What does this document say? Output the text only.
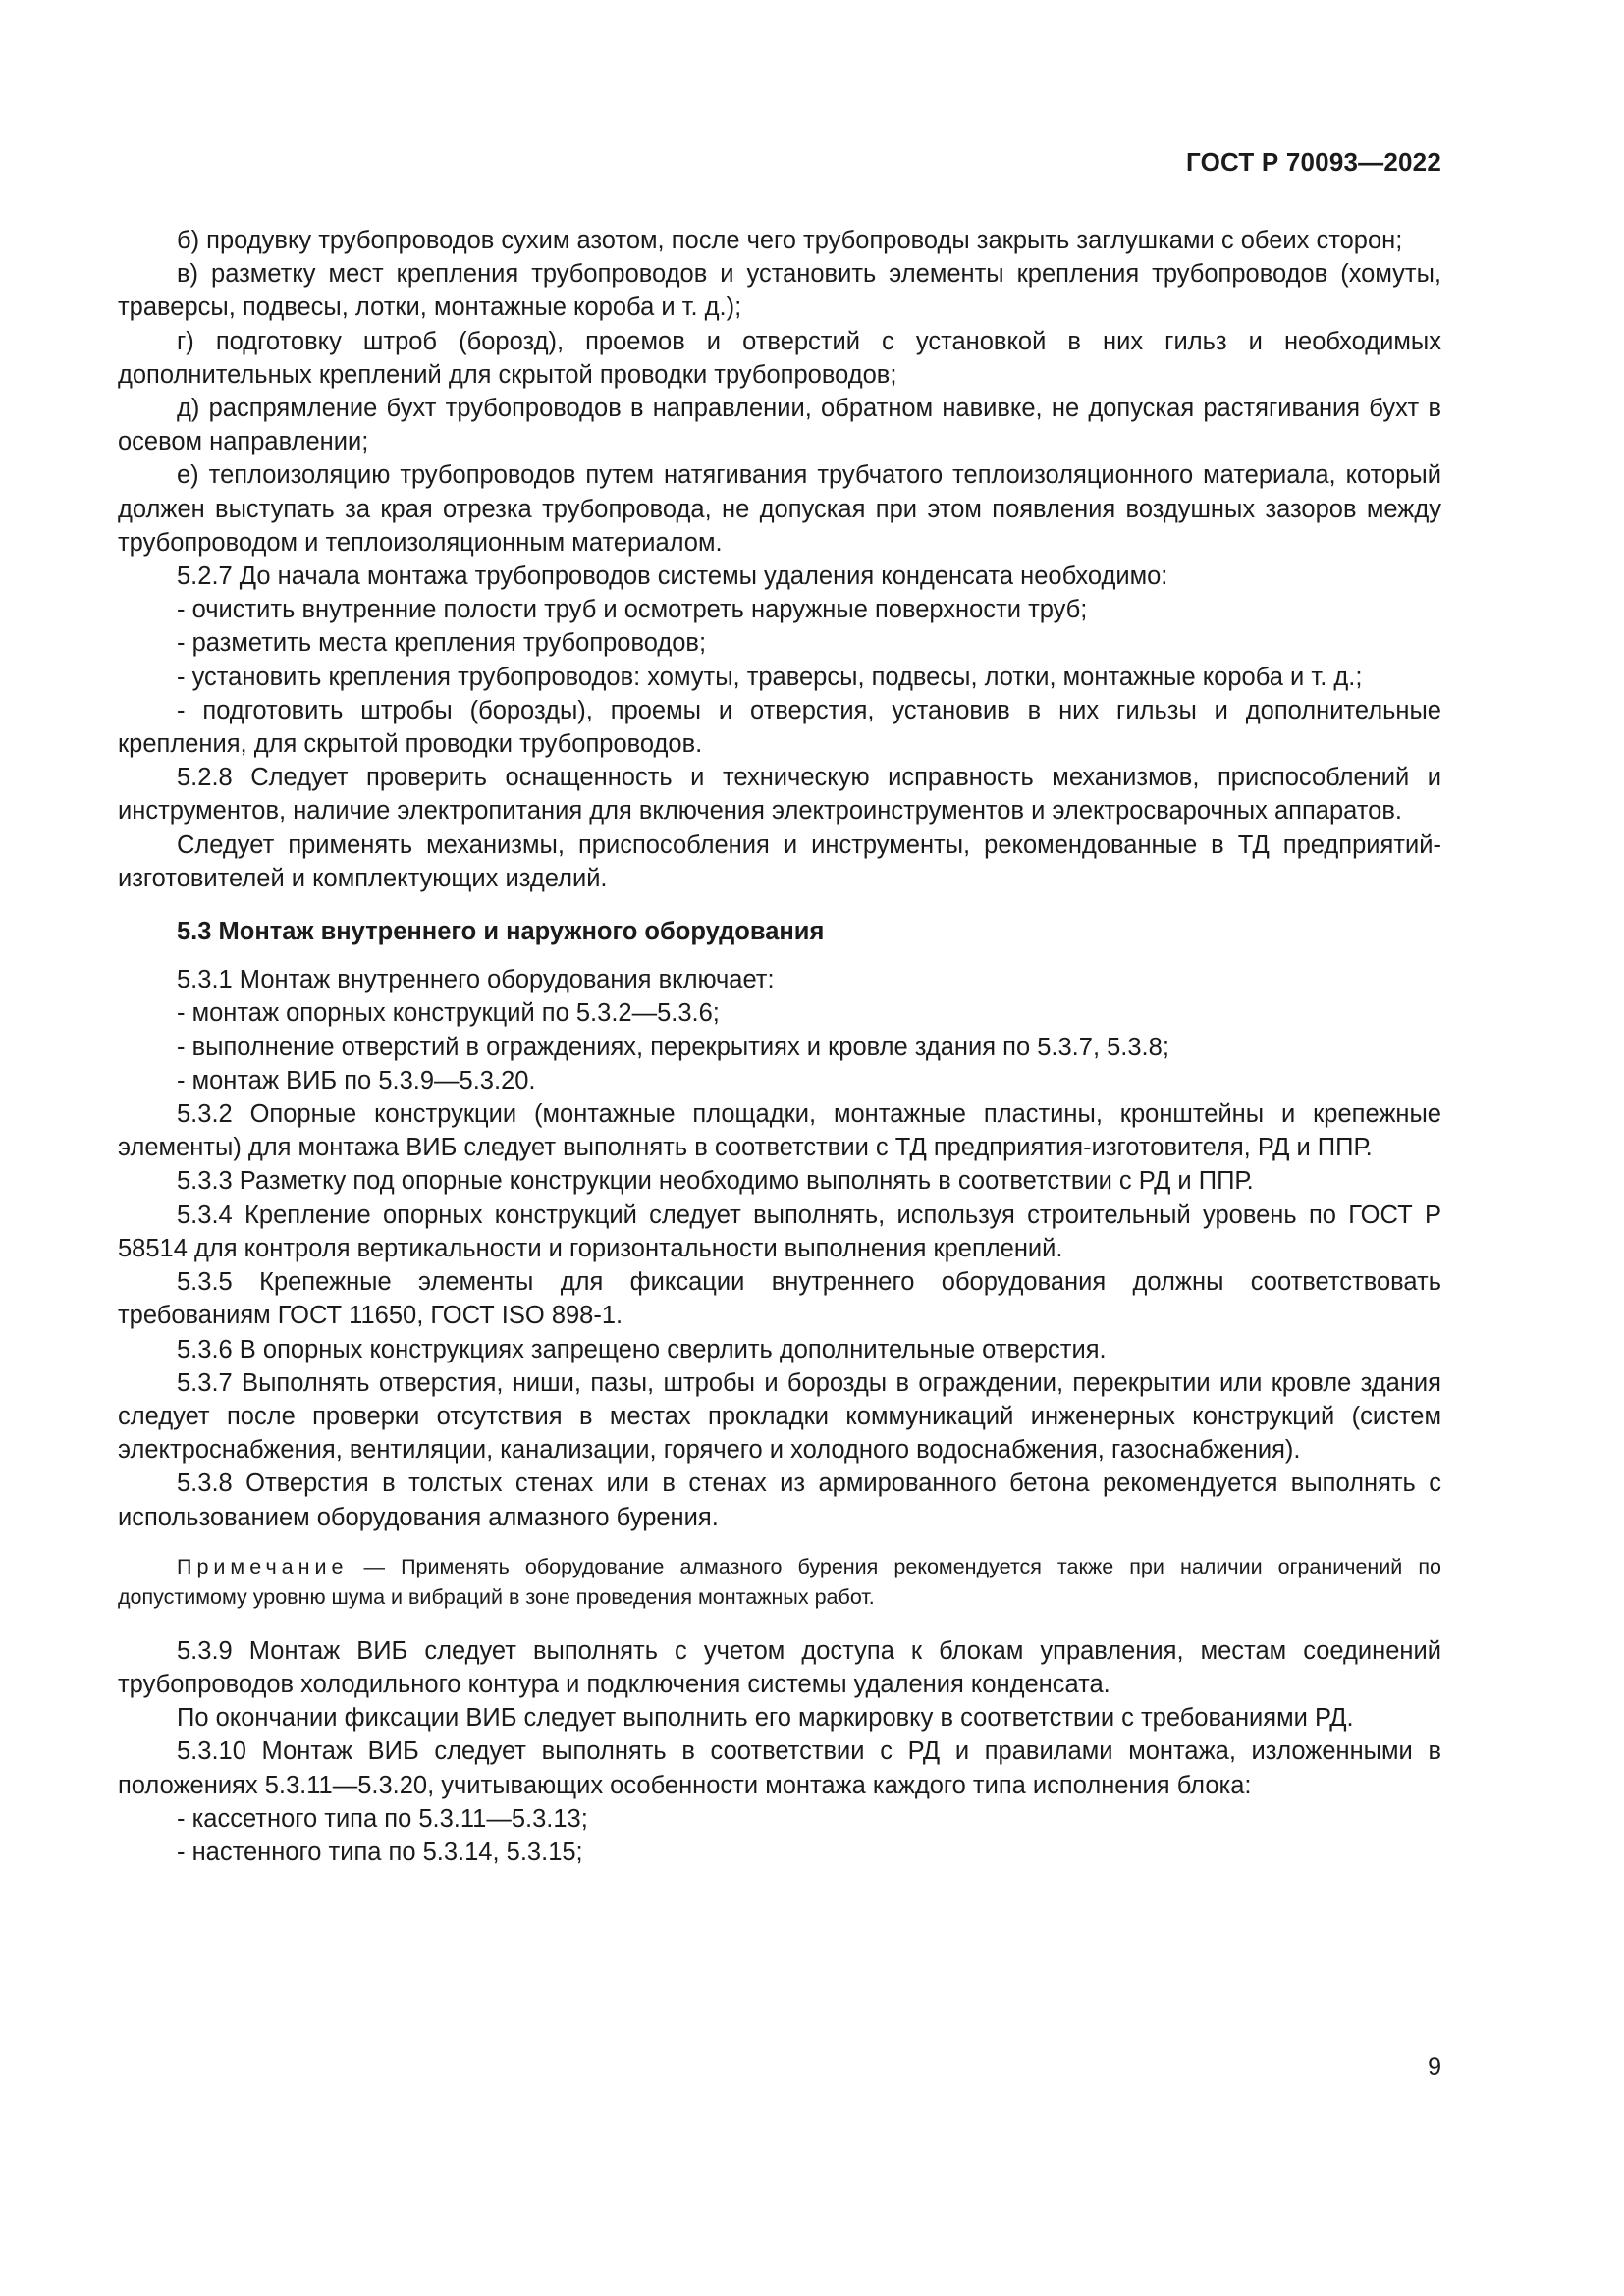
ГОСТ Р 70093—2022

б) продувку трубопроводов сухим азотом, после чего трубопроводы закрыть заглушками с обеих сторон;

в) разметку мест крепления трубопроводов и установить элементы крепления трубопроводов (хомуты, траверсы, подвесы, лотки, монтажные короба и т. д.);

г) подготовку штроб (борозд), проемов и отверстий с установкой в них гильз и необходимых дополнительных креплений для скрытой проводки трубопроводов;

д) распрямление бухт трубопроводов в направлении, обратном навивке, не допуская растягивания бухт в осевом направлении;

е) теплоизоляцию трубопроводов путем натягивания трубчатого теплоизоляционного материала, который должен выступать за края отрезка трубопровода, не допуская при этом появления воздушных зазоров между трубопроводом и теплоизоляционным материалом.

5.2.7 До начала монтажа трубопроводов системы удаления конденсата необходимо:

- очистить внутренние полости труб и осмотреть наружные поверхности труб;

- разметить места крепления трубопроводов;

- установить крепления трубопроводов: хомуты, траверсы, подвесы, лотки, монтажные короба и т. д.;

- подготовить штробы (борозды), проемы и отверстия, установив в них гильзы и дополнительные крепления, для скрытой проводки трубопроводов.

5.2.8 Следует проверить оснащенность и техническую исправность механизмов, приспособлений и инструментов, наличие электропитания для включения электроинструментов и электросварочных аппаратов.

Следует применять механизмы, приспособления и инструменты, рекомендованные в ТД предприятий-изготовителей и комплектующих изделий.

5.3 Монтаж внутреннего и наружного оборудования

5.3.1 Монтаж внутреннего оборудования включает:

- монтаж опорных конструкций по 5.3.2—5.3.6;

- выполнение отверстий в ограждениях, перекрытиях и кровле здания по 5.3.7, 5.3.8;

- монтаж ВИБ по 5.3.9—5.3.20.

5.3.2 Опорные конструкции (монтажные площадки, монтажные пластины, кронштейны и крепежные элементы) для монтажа ВИБ следует выполнять в соответствии с ТД предприятия-изготовителя, РД и ППР.

5.3.3 Разметку под опорные конструкции необходимо выполнять в соответствии с РД и ППР.

5.3.4 Крепление опорных конструкций следует выполнять, используя строительный уровень по ГОСТ Р 58514 для контроля вертикальности и горизонтальности выполнения креплений.

5.3.5 Крепежные элементы для фиксации внутреннего оборудования должны соответствовать требованиям ГОСТ 11650, ГОСТ ISO 898-1.

5.3.6 В опорных конструкциях запрещено сверлить дополнительные отверстия.

5.3.7 Выполнять отверстия, ниши, пазы, штробы и борозды в ограждении, перекрытии или кровле здания следует после проверки отсутствия в местах прокладки коммуникаций инженерных конструкций (систем электроснабжения, вентиляции, канализации, горячего и холодного водоснабжения, газоснабжения).

5.3.8 Отверстия в толстых стенах или в стенах из армированного бетона рекомендуется выполнять с использованием оборудования алмазного бурения.

Примечание — Применять оборудование алмазного бурения рекомендуется также при наличии ограничений по допустимому уровню шума и вибраций в зоне проведения монтажных работ.

5.3.9 Монтаж ВИБ следует выполнять с учетом доступа к блокам управления, местам соединений трубопроводов холодильного контура и подключения системы удаления конденсата.

По окончании фиксации ВИБ следует выполнить его маркировку в соответствии с требованиями РД.

5.3.10 Монтаж ВИБ следует выполнять в соответствии с РД и правилами монтажа, изложенными в положениях 5.3.11—5.3.20, учитывающих особенности монтажа каждого типа исполнения блока:

- кассетного типа по 5.3.11—5.3.13;

- настенного типа по 5.3.14, 5.3.15;

9
